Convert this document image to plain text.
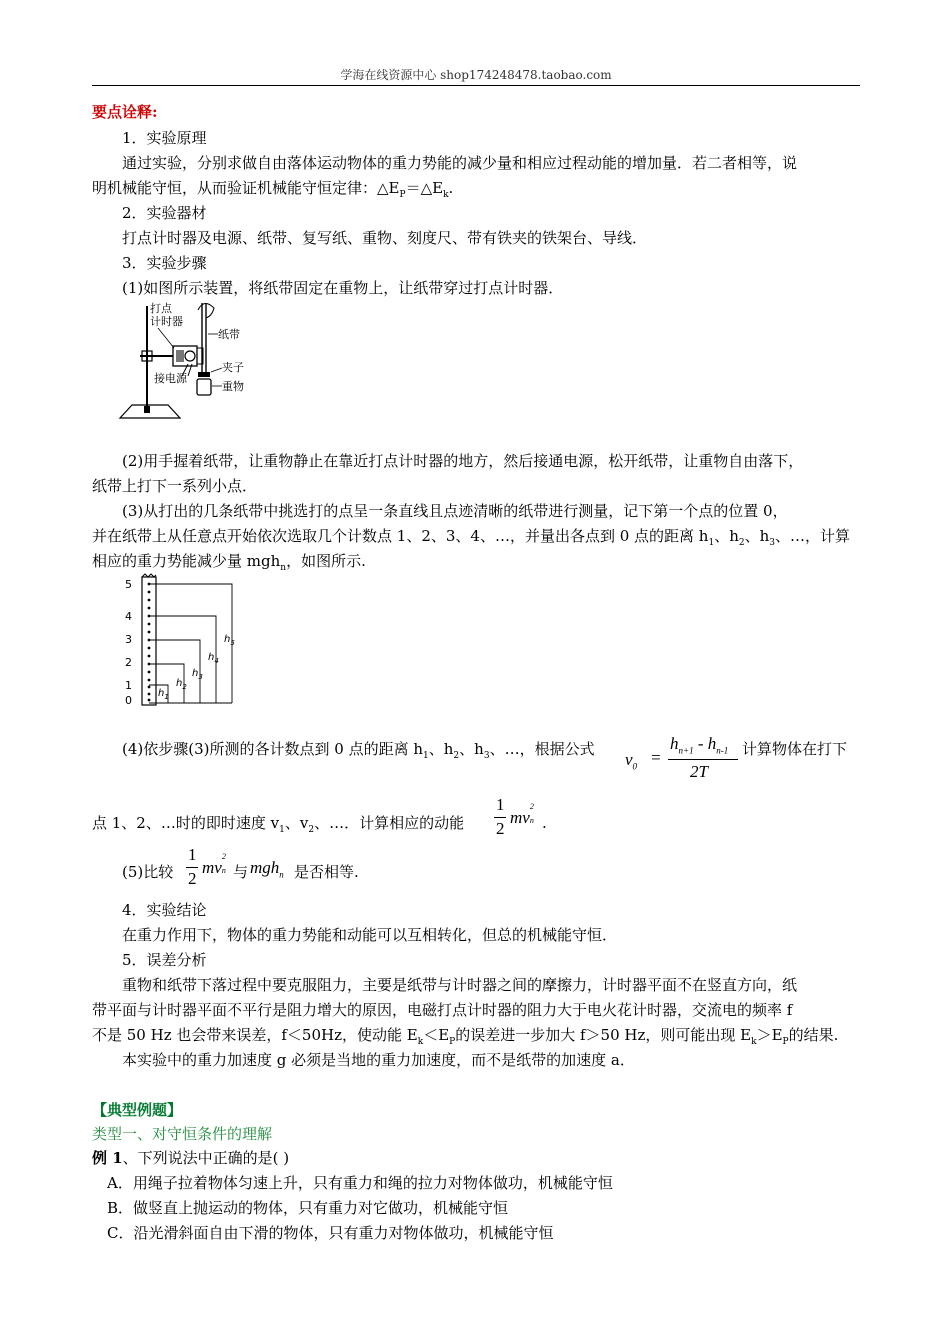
学海在线资源中心 shop174248478.taobao.com
要点诠释:
1．实验原理
通过实验，分别求做自由落体运动物体的重力势能的减少量和相应过程动能的增加量．若二者相等，说
明机械能守恒，从而验证机械能守恒定律：$\triangle E_P=\triangle E_k$.
2．实验器材
打点计时器及电源、纸带、复写纸、重物、刻度尺、带有铁夹的铁架台、导线．
3．实验步骤
(1)如图所示装置，将纸带固定在重物上，让纸带穿过打点计时器．
打点
计时器
纸带
夹子
接电源
重物
(2)用手握着纸带，让重物静止在靠近打点计时器的地方，然后接通电源，松开纸带，让重物自由落下，
纸带上打下一系列小点．
(3)从打出的几条纸带中挑选打的点呈一条直线且点迹清晰的纸带进行测量，记下第一个点的位置 0，
并在纸带上从任意点开始依次选取几个计数点 1、2、3、4、…，并量出各点到 0 点的距离 $h_1$、$h_2$、$h_3$、…，计算
相应的重力势能减少量 mgh$_n$，如图所示.
5
4
3
2
1
0
$h_5$
$h_4$
$h_3$
$h_2$
$h_1$
(4)依步骤(3)所测的各计数点到 0 点的距离 $h_1$、$h_2$、$h_3$、…，根据公式
$v_0$ =
$h_{n+1} - h_{n-1}$
2T
计算物体在打下
点 1、2、…时的即时速度 $v_1$、$v_2$、…．计算相应的动能
1
2
mv
2
n .
(5)比较
1
2
mv
2
n 与 mgh$_n$ 是否相等.
4．实验结论
在重力作用下，物体的重力势能和动能可以互相转化，但总的机械能守恒．
5．误差分析
重物和纸带下落过程中要克服阻力，主要是纸带与计时器之间的摩擦力，计时器平面不在竖直方向，纸
带平面与计时器平面不平行是阻力增大的原因，电磁打点计时器的阻力大于电火花计时器，交流电的频率 f
不是 50 Hz 也会带来误差，f＜50Hz，使动能 $E_k<E_P$的误差进一步加大 f＞50 Hz，则可能出现 $E_k>E_P$的结果.
本实验中的重力加速度 g 必须是当地的重力加速度，而不是纸带的加速度 a．
【典型例题】
类型一、对守恒条件的理解
例 1、下列说法中正确的是( )
A．用绳子拉着物体匀速上升，只有重力和绳的拉力对物体做功，机械能守恒
B．做竖直上抛运动的物体，只有重力对它做功，机械能守恒
C．沿光滑斜面自由下滑的物体，只有重力对物体做功，机械能守恒
